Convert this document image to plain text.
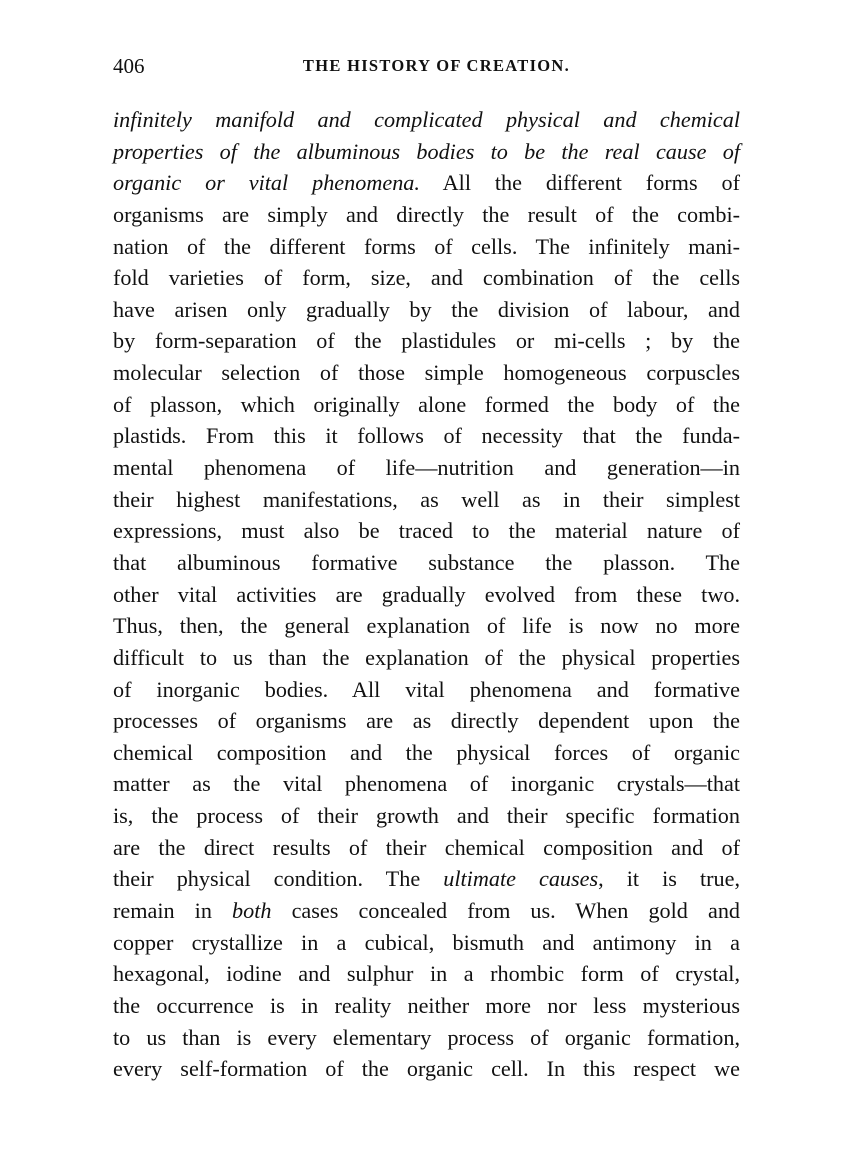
406	THE HISTORY OF CREATION.
infinitely manifold and complicated physical and chemical
properties of the albuminous bodies to be the real cause of
organic or vital phenomena. All the different forms of
organisms are simply and directly the result of the combi-
nation of the different forms of cells. The infinitely mani-
fold varieties of form, size, and combination of the cells
have arisen only gradually by the division of labour, and
by form-separation of the plastidules or mi-cells ; by the
molecular selection of those simple homogeneous corpuscles
of plasson, which originally alone formed the body of the
plastids. From this it follows of necessity that the funda-
mental phenomena of life—nutrition and generation—in
their highest manifestations, as well as in their simplest
expressions, must also be traced to the material nature of
that albuminous formative substance the plasson. The
other vital activities are gradually evolved from these two.
Thus, then, the general explanation of life is now no more
difficult to us than the explanation of the physical properties
of inorganic bodies. All vital phenomena and formative
processes of organisms are as directly dependent upon the
chemical composition and the physical forces of organic
matter as the vital phenomena of inorganic crystals—that
is, the process of their growth and their specific formation
are the direct results of their chemical composition and of
their physical condition. The ultimate causes, it is true,
remain in both cases concealed from us. When gold and
copper crystallize in a cubical, bismuth and antimony in a
hexagonal, iodine and sulphur in a rhombic form of crystal,
the occurrence is in reality neither more nor less mysterious
to us than is every elementary process of organic formation,
every self-formation of the organic cell. In this respect we
